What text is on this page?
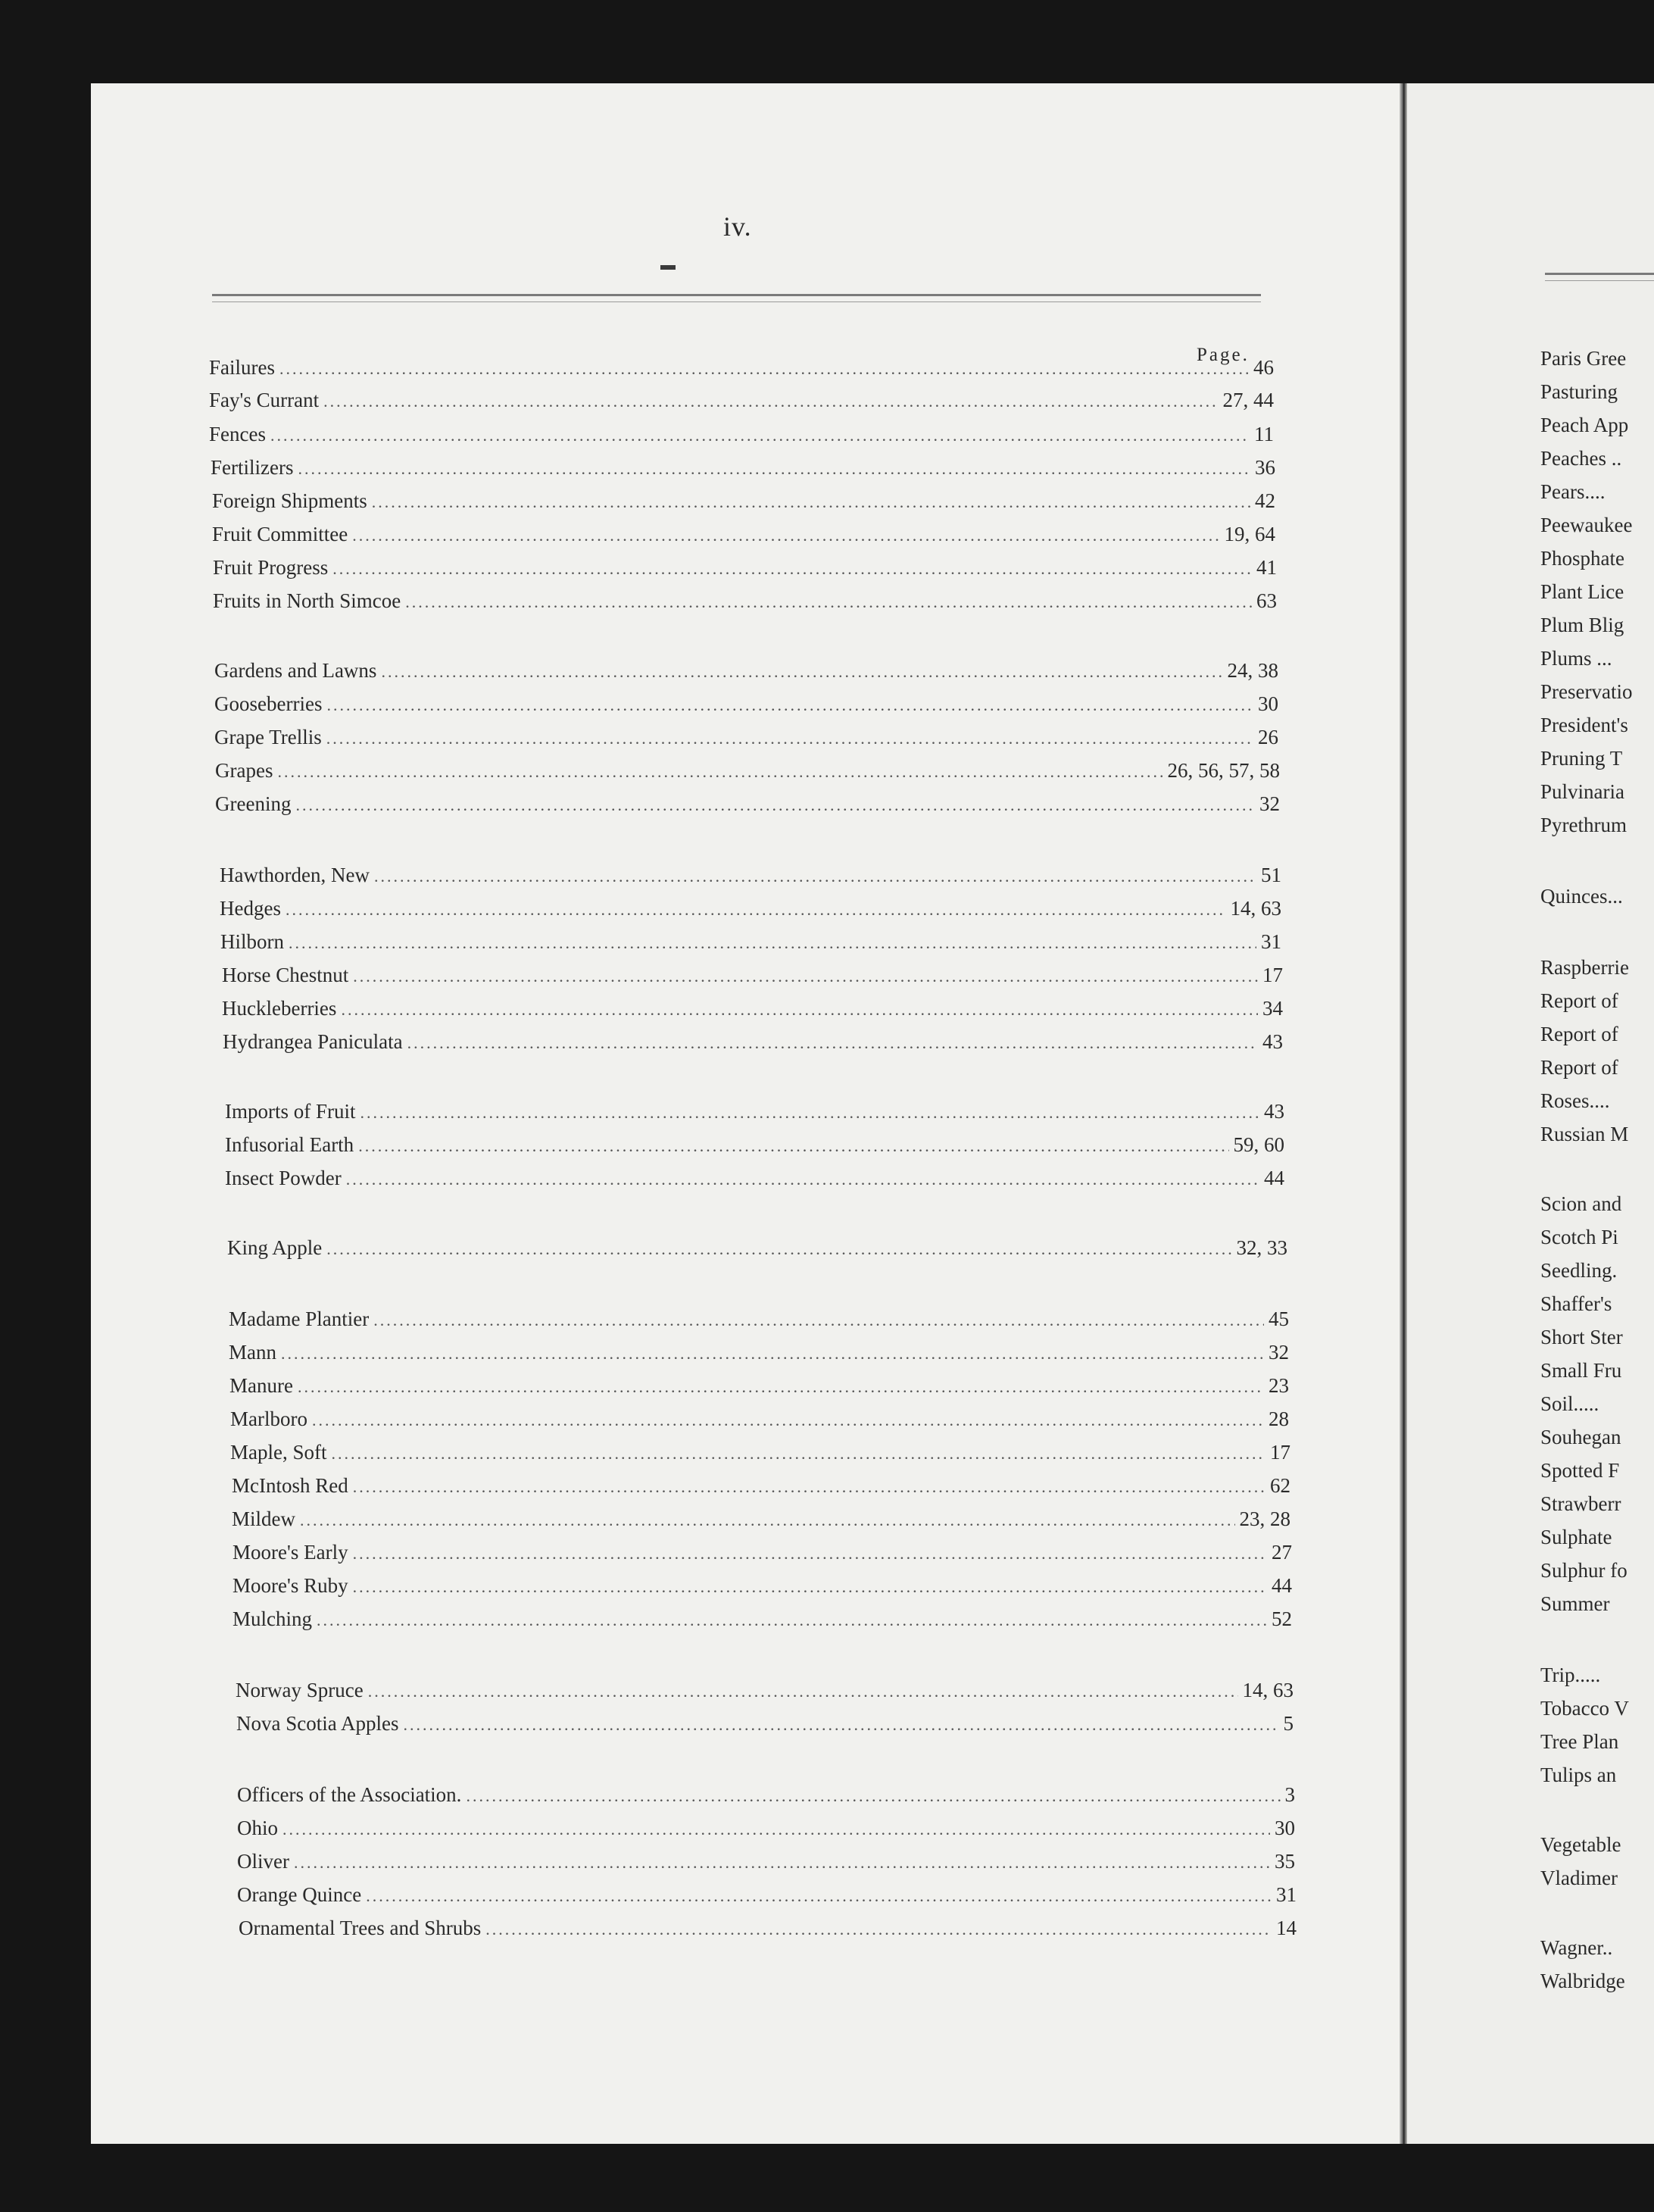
iv.
Page.
Failures .....	46
Fay's Currant .....	27, 44
Fences .....	11
Fertilizers .....	36
Foreign Shipments .....	42
Fruit Committee .....	19, 64
Fruit Progress .....	41
Fruits in North Simcoe .....	63
Gardens and Lawns .....	24, 38
Gooseberries .....	30
Grape Trellis .....	26
Grapes .....	26, 56, 57, 58
Greening .....	32
Hawthorden, New .....	51
Hedges .....	14, 63
Hilborn .....	31
Horse Chestnut .....	17
Huckleberries .....	34
Hydrangea Paniculata .....	43
Imports of Fruit .....	43
Infusorial Earth .....	59, 60
Insect Powder .....	44
King Apple .....	32, 33
Madame Plantier .....	45
Mann .....	32
Manure .....	23
Marlboro .....	28
Maple, Soft .....	17
McIntosh Red .....	62
Mildew .....	23, 28
Moore's Early .....	27
Moore's Ruby .....	44
Mulching .....	52
Norway Spruce .....	14, 63
Nova Scotia Apples .....	5
Officers of the Association. .....	3
Ohio .....	30
Oliver .....	35
Orange Quince .....	31
Ornamental Trees and Shrubs .....	14
Paris Gree
Pasturing
Peach App
Peaches ..
Pears....
Peewaukee
Phosphate
Plant Lice
Plum Blig
Plums ...
Preservatio
President's
Pruning T
Pulvinaria
Pyrethrum
Quinces...
Raspberrie
Report of
Report of
Report of
Roses....
Russian M
Scion and
Scotch Pi
Seedling.
Shaffer's
Short Ster
Small Fru
Soil.....
Souhegan
Spotted F
Strawberr
Sulphate
Sulphur fo
Summer
Trip.....
Tobacco V
Tree Plan
Tulips an
Vegetable
Vladimer
Wagner..
Walbridge
